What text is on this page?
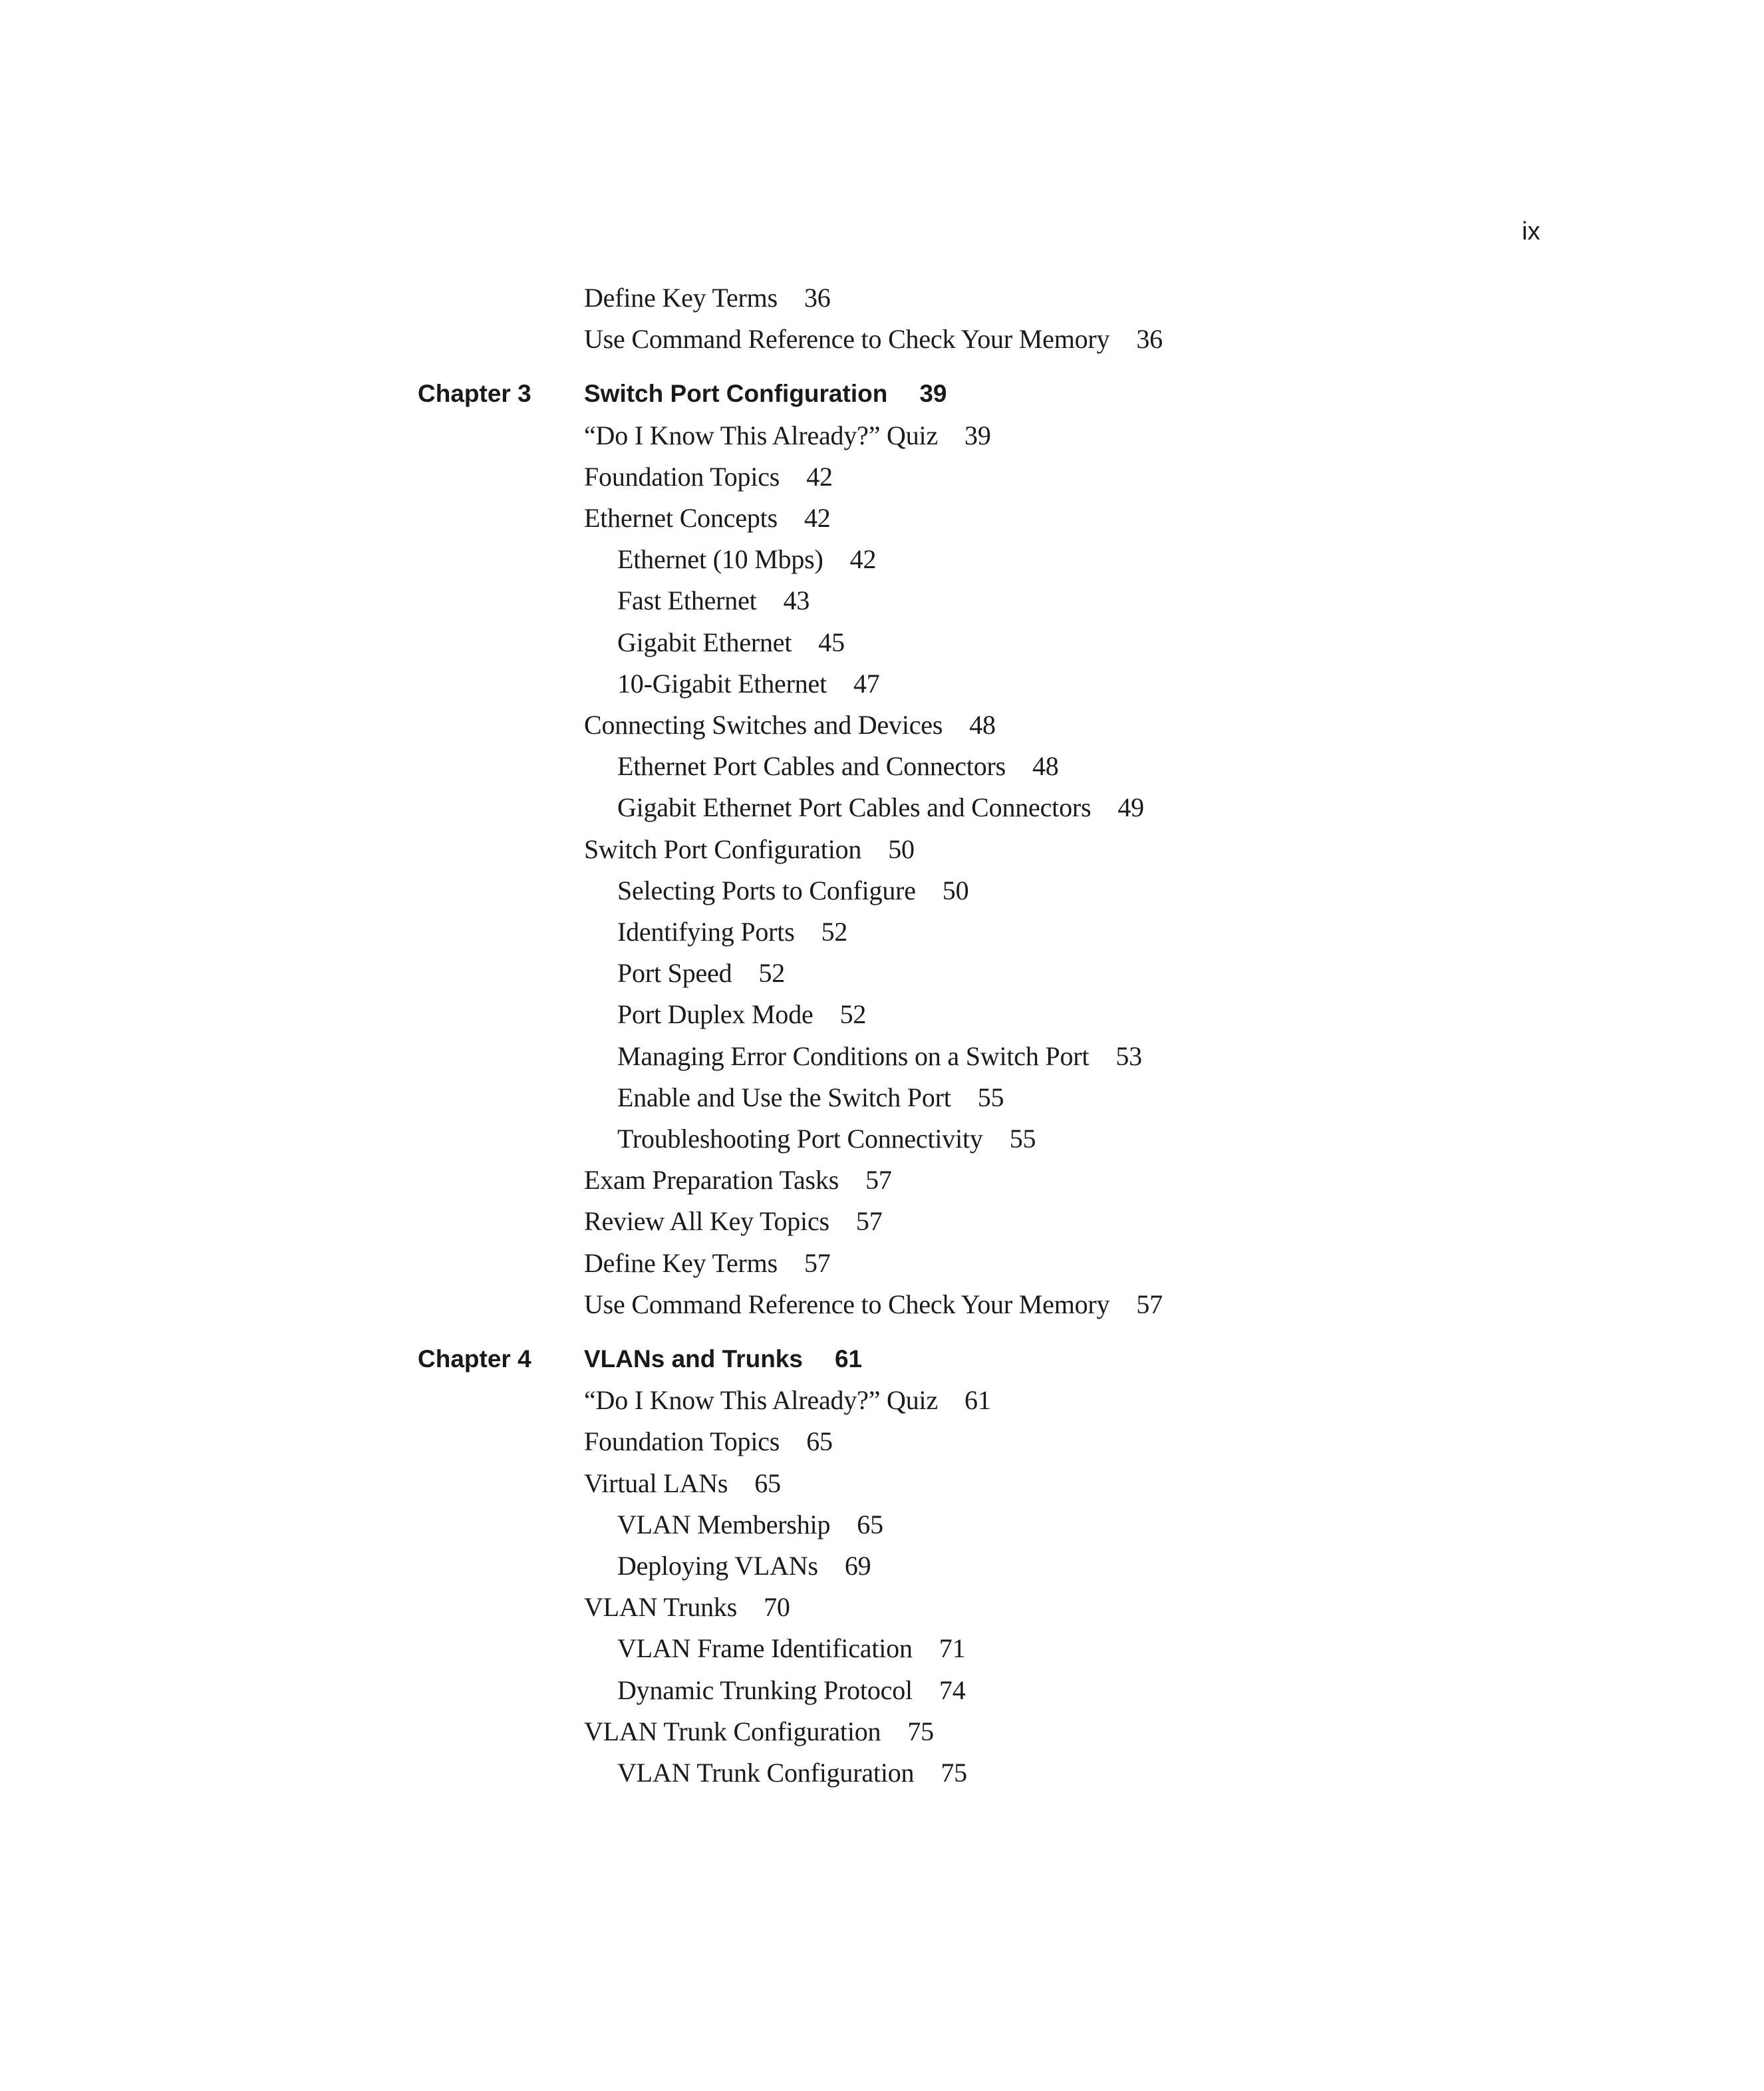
ix
Define Key Terms 36
Use Command Reference to Check Your Memory 36
Chapter 3 Switch Port Configuration 39
“Do I Know This Already?” Quiz 39
Foundation Topics 42
Ethernet Concepts 42
Ethernet (10 Mbps) 42
Fast Ethernet 43
Gigabit Ethernet 45
10-Gigabit Ethernet 47
Connecting Switches and Devices 48
Ethernet Port Cables and Connectors 48
Gigabit Ethernet Port Cables and Connectors 49
Switch Port Configuration 50
Selecting Ports to Configure 50
Identifying Ports 52
Port Speed 52
Port Duplex Mode 52
Managing Error Conditions on a Switch Port 53
Enable and Use the Switch Port 55
Troubleshooting Port Connectivity 55
Exam Preparation Tasks 57
Review All Key Topics 57
Define Key Terms 57
Use Command Reference to Check Your Memory 57
Chapter 4 VLANs and Trunks 61
“Do I Know This Already?” Quiz 61
Foundation Topics 65
Virtual LANs 65
VLAN Membership 65
Deploying VLANs 69
VLAN Trunks 70
VLAN Frame Identification 71
Dynamic Trunking Protocol 74
VLAN Trunk Configuration 75
VLAN Trunk Configuration 75
